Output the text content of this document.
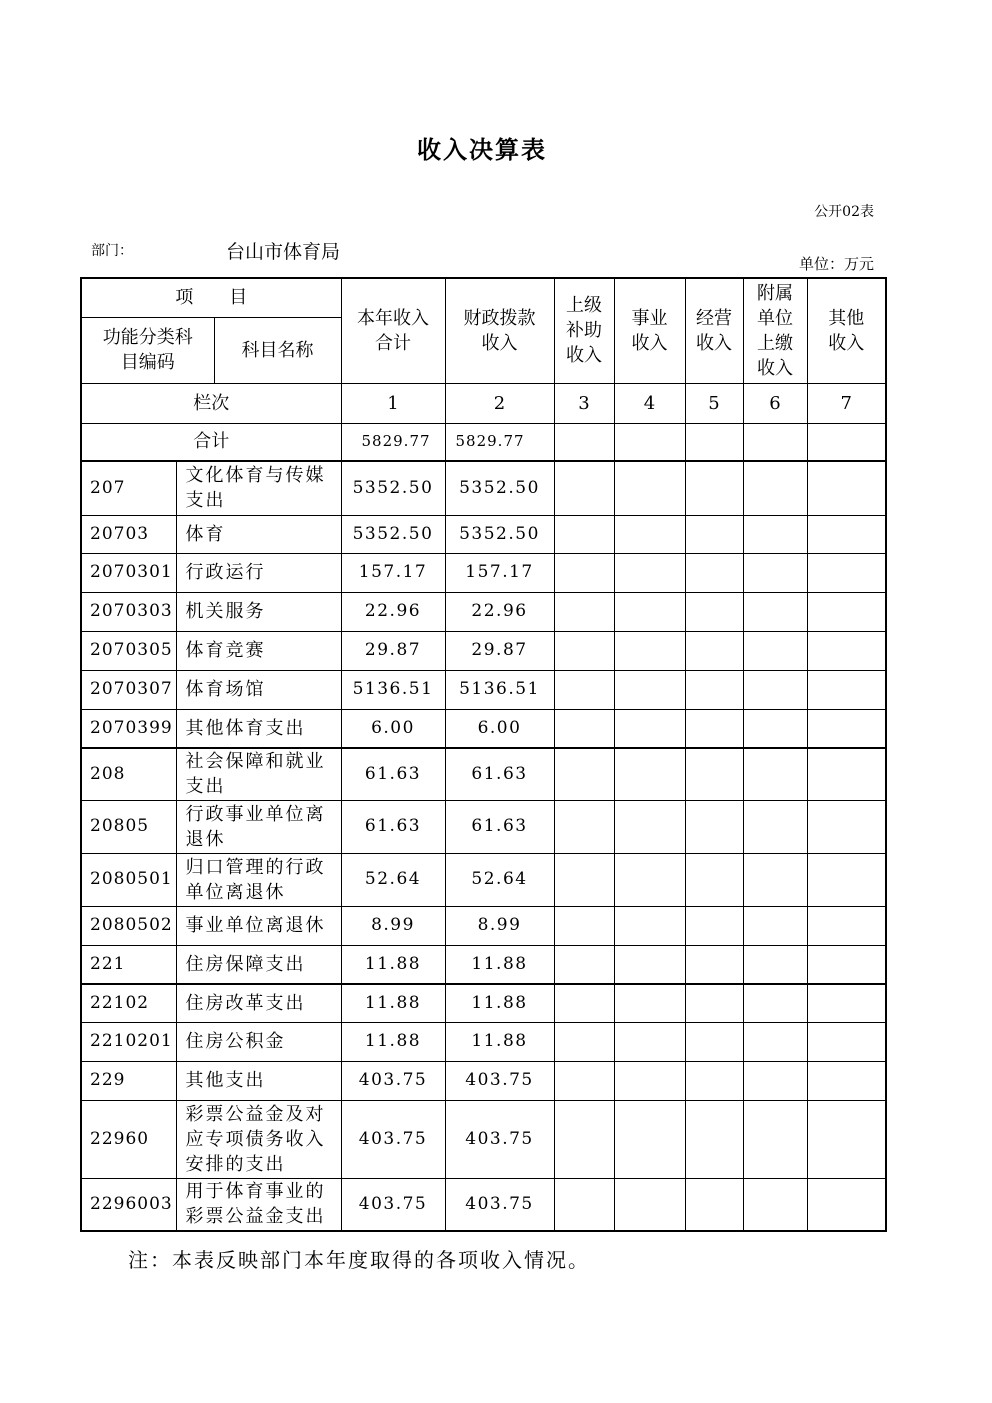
收入决算表
公开02表
部门：	台山市体育局
单位：万元
项　　目			本年收入合计	财政拨款收入	上级补助收入	事业收入	经营收入	附属单位上缴收入	其他收入
功能分类科目编码		科目名称							
栏次			1	2	3	4	5	6	7
合计			5829.77	5829.77					
207	文化体育与传媒支出		5352.50	5352.50					
20703	体育		5352.50	5352.50					
2070301	行政运行		157.17	157.17					
2070303	机关服务		22.96	22.96					
2070305	体育竞赛		29.87	29.87					
2070307	体育场馆		5136.51	5136.51					
2070399	其他体育支出		6.00	6.00					
208	社会保障和就业支出		61.63	61.63					
20805	行政事业单位离退休		61.63	61.63					
2080501	归口管理的行政单位离退休		52.64	52.64					
2080502	事业单位离退休		8.99	8.99					
221	住房保障支出		11.88	11.88					
22102	住房改革支出		11.88	11.88					
2210201	住房公积金		11.88	11.88					
229	其他支出		403.75	403.75					
22960	彩票公益金及对应专项债务收入安排的支出		403.75	403.75					
2296003	用于体育事业的彩票公益金支出		403.75	403.75					
注：本表反映部门本年度取得的各项收入情况。
